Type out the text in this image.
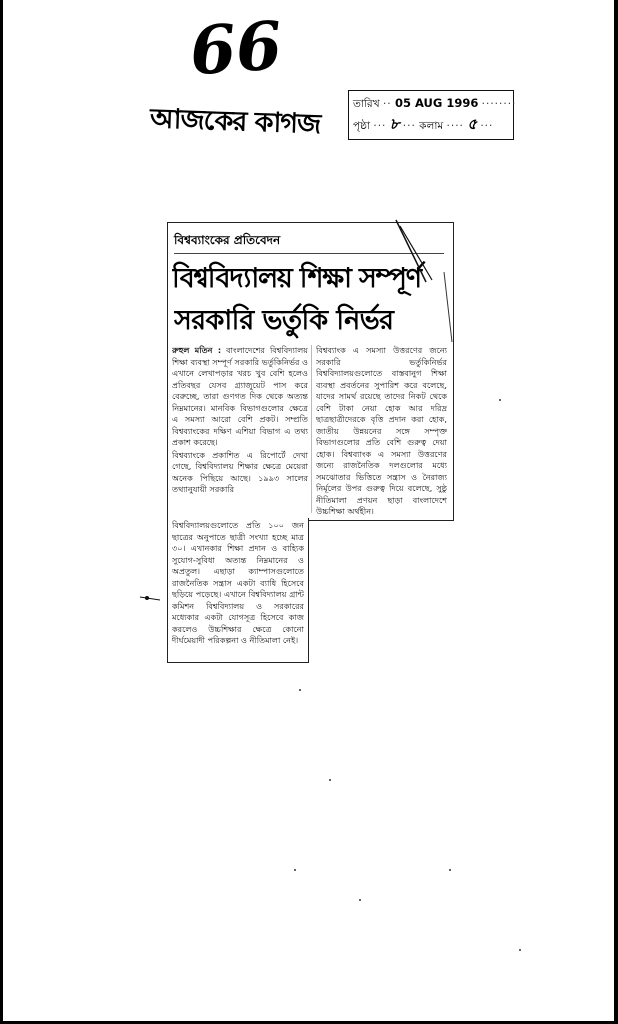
66
আজকের কাগজ	তারিখ ·· 05 AUG 1996 ········
পৃষ্ঠা ··· ৮ ··· কলাম ···· ৫ ···
বিশ্বব্যাংকের প্রতিবেদন
বিশ্ববিদ্যালয় শিক্ষা সম্পূর্ণ
সরকারি ভর্তুকি নির্ভর

রুহুল মতিন : বাংলাদেশের বিশ্ববিদ্যালয় শিক্ষা ব্যবস্থা সম্পূর্ণ সরকারি ভর্তুকিনির্ভর ও এখানে লেখাপড়ার খরচ খুব বেশি হলেও প্রতিবছর যেসব গ্র্যাজুয়েট পাস করে বেরুচ্ছে, তারা গুণগত দিক থেকে অত্যন্ত নিম্নমানের। মানবিক বিভাগগুলোর ক্ষেত্রে এ সমস্যা আরো বেশি প্রকট। সম্প্রতি বিশ্বব্যাংকের দক্ষিণ এশিয়া বিভাগ এ তথ্য প্রকাশ করেছে।

বিশ্বব্যাংকে প্রকাশিত এ রিপোর্টে দেখা গেছে, বিশ্ববিদ্যালয় শিক্ষার ক্ষেত্রে মেয়েরা অনেক পিছিয়ে আছে। ১৯৯৩ সালের তথ্যানুযায়ী সরকারি

বিশ্বব্যাংক এ সমস্যা উত্তরণের জন্যে সরকারি ভর্তুকিনির্ভর বিশ্ববিদ্যালয়গুলোতে বাস্তবানুগ শিক্ষা ব্যবস্থা প্রবর্তনের সুপারিশ করে বলেছে, যাদের সামর্থ রয়েছে তাদের নিকট থেকে বেশি টাকা নেয়া হোক আর দরিদ্র ছাত্রছাত্রীদেরকে বৃত্তি প্রদান করা হোক, জাতীয় উন্নয়নের সঙ্গে সম্পৃক্ত বিভাগগুলোর প্রতি বেশি গুরুত্ব দেয়া হোক। বিশ্বব্যাংক এ সমস্যা উত্তরণের জন্যে রাজনৈতিক দলগুলোর মধ্যে সমঝোতার ভিত্তিতে সন্ত্রাস ও নৈরাজ্য নির্মূলের উপর গুরুত্ব দিয়ে বলেছে, সুষ্ঠু নীতিমালা প্রণয়ন ছাড়া বাংলাদেশে উচ্চশিক্ষা অর্থহীন।

বিশ্ববিদ্যালয়গুলোতে প্রতি ১০০ জন ছাত্রের অনুপাতে ছাত্রী সংখ্যা হচ্ছে মাত্র ৩০। এখানকার শিক্ষা প্রদান ও বাহ্যিক সুযোগ-সুবিধা অত্যন্ত নিম্নমানের ও অপ্রতুল। এছাড়া ক্যাম্পাসগুলোতে রাজনৈতিক সন্ত্রাস একটা ব্যাধি হিসেবে ছড়িয়ে পড়েছে। এখানে বিশ্ববিদ্যালয় গ্রান্ট কমিশন বিশ্ববিদ্যালয় ও সরকারের মধ্যেকার একটা যোগসূত্র হিসেবে কাজ করলেও উচ্চশিক্ষার ক্ষেত্রে কোনো দীর্ঘমেয়াদী পরিকল্পনা ও নীতিমালা নেই।
